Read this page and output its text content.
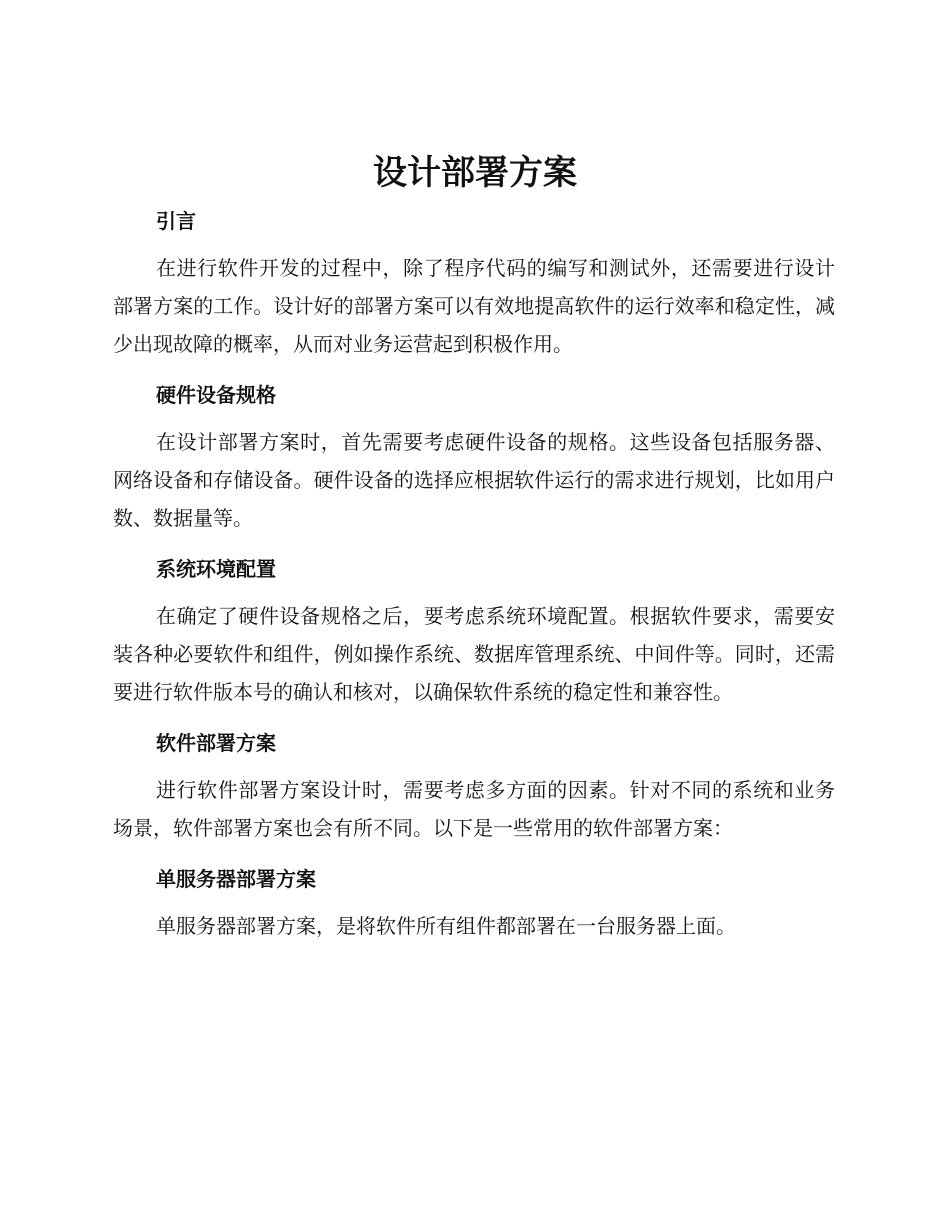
设计部署方案
引言

在进行软件开发的过程中，除了程序代码的编写和测试外，还需要进行设计部署方案的工作。设计好的部署方案可以有效地提高软件的运行效率和稳定性，减少出现故障的概率，从而对业务运营起到积极作用。

硬件设备规格

在设计部署方案时，首先需要考虑硬件设备的规格。这些设备包括服务器、网络设备和存储设备。硬件设备的选择应根据软件运行的需求进行规划，比如用户数、数据量等。

系统环境配置

在确定了硬件设备规格之后，要考虑系统环境配置。根据软件要求，需要安装各种必要软件和组件，例如操作系统、数据库管理系统、中间件等。同时，还需要进行软件版本号的确认和核对，以确保软件系统的稳定性和兼容性。

软件部署方案

进行软件部署方案设计时，需要考虑多方面的因素。针对不同的系统和业务场景，软件部署方案也会有所不同。以下是一些常用的软件部署方案：

单服务器部署方案

单服务器部署方案，是将软件所有组件都部署在一台服务器上面。
